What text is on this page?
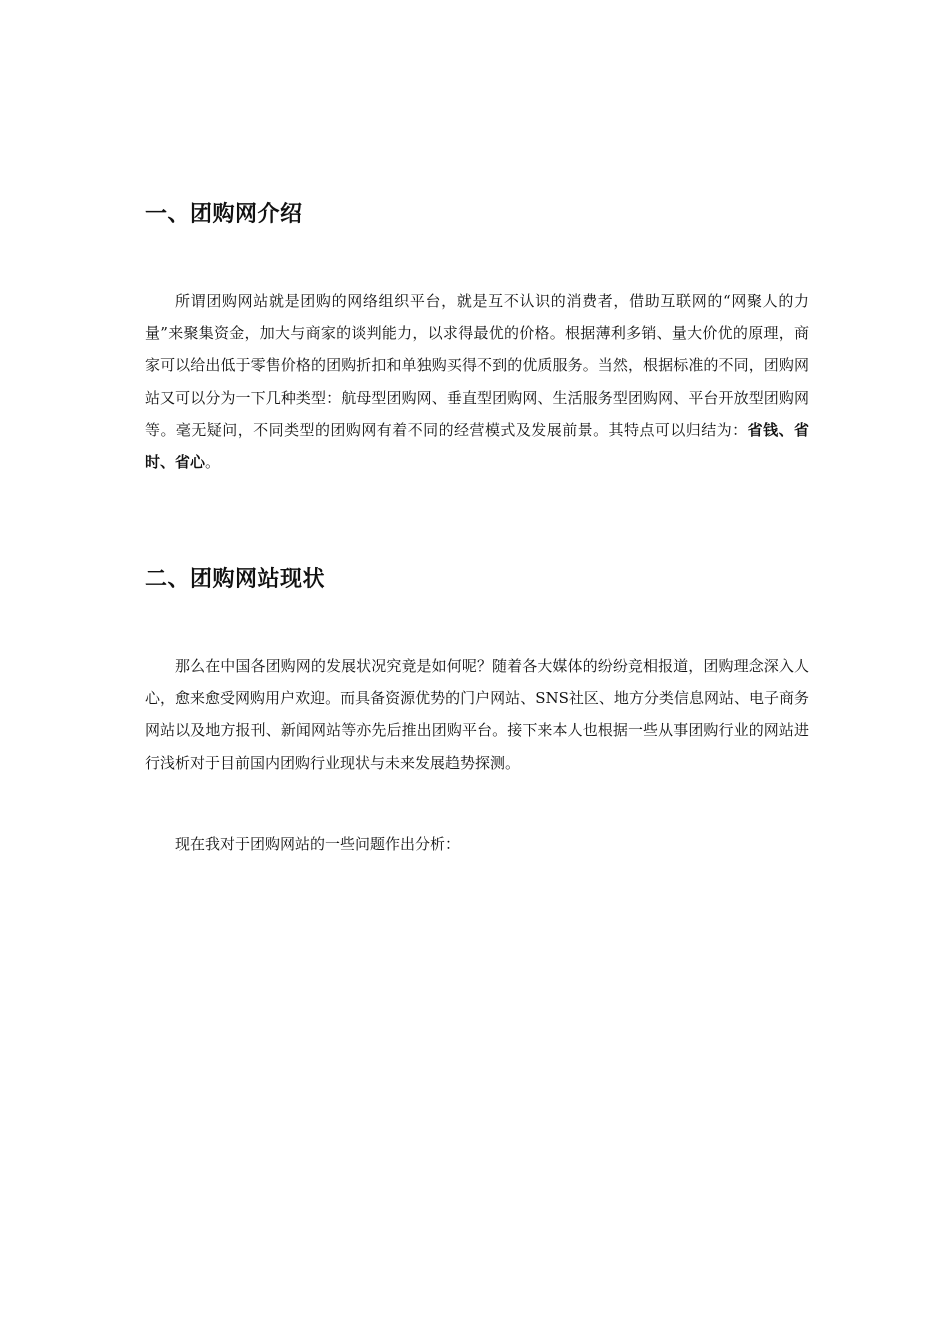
一、团购网介绍

所谓团购网站就是团购的网络组织平台，就是互不认识的消费者，借助互联网的“网聚人的力量”来聚集资金，加大与商家的谈判能力，以求得最优的价格。根据薄利多销、量大价优的原理，商家可以给出低于零售价格的团购折扣和单独购买得不到的优质服务。当然，根据标准的不同，团购网站又可以分为一下几种类型：航母型团购网、垂直型团购网、生活服务型团购网、平台开放型团购网等。毫无疑问，不同类型的团购网有着不同的经营模式及发展前景。其特点可以归结为：省钱、省时、省心。

二、团购网站现状

那么在中国各团购网的发展状况究竟是如何呢？随着各大媒体的纷纷竞相报道，团购理念深入人心，愈来愈受网购用户欢迎。而具备资源优势的门户网站、SNS社区、地方分类信息网站、电子商务网站以及地方报刊、新闻网站等亦先后推出团购平台。接下来本人也根据一些从事团购行业的网站进行浅析对于目前国内团购行业现状与未来发展趋势探测。

现在我对于团购网站的一些问题作出分析：
